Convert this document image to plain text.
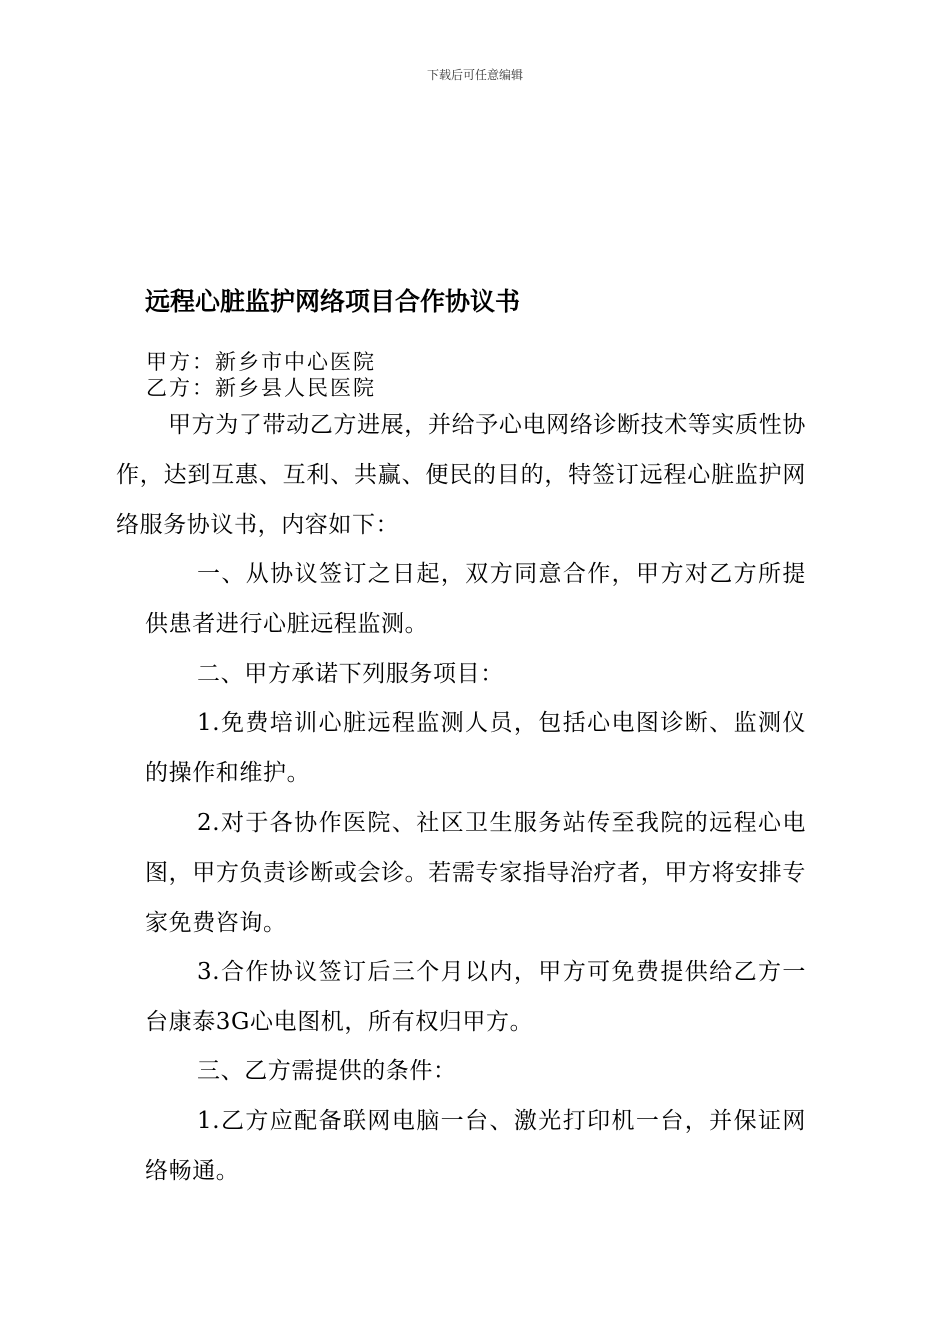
下载后可任意编辑
远程心脏监护网络项目合作协议书
甲方：新乡市中心医院
乙方：新乡县人民医院

甲方为了带动乙方进展，并给予心电网络诊断技术等实质性协作，达到互惠、互利、共赢、便民的目的，特签订远程心脏监护网络服务协议书，内容如下：

一、从协议签订之日起，双方同意合作，甲方对乙方所提供患者进行心脏远程监测。

二、甲方承诺下列服务项目：

1.免费培训心脏远程监测人员，包括心电图诊断、监测仪的操作和维护。

2.对于各协作医院、社区卫生服务站传至我院的远程心电图，甲方负责诊断或会诊。若需专家指导治疗者，甲方将安排专家免费咨询。

3.合作协议签订后三个月以内，甲方可免费提供给乙方一台康泰3G心电图机，所有权归甲方。

三、乙方需提供的条件：

1.乙方应配备联网电脑一台、激光打印机一台，并保证网络畅通。
